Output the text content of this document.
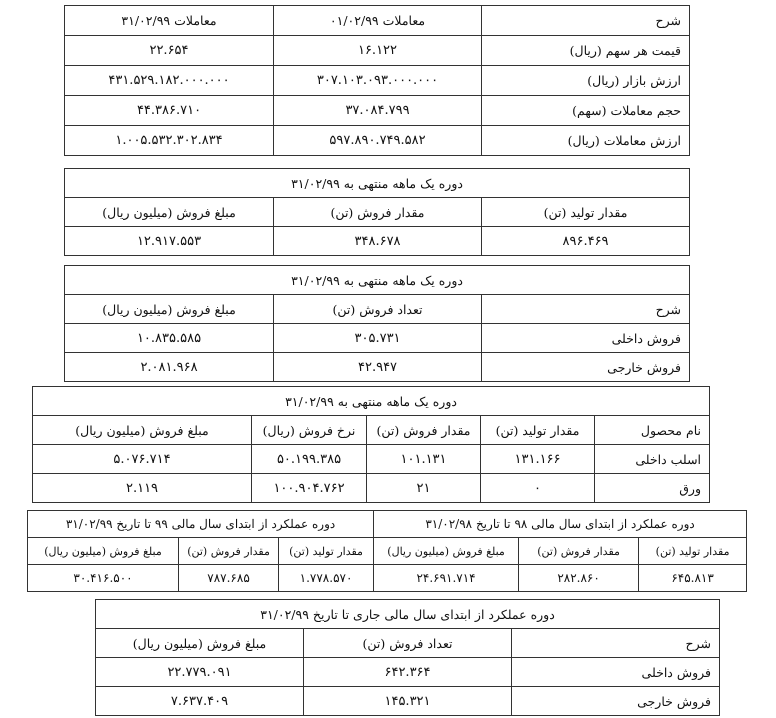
شرح	معاملات ۰۱/۰۲/۹۹	معاملات ۳۱/۰۲/۹۹
قیمت هر سهم (ریال)	۱۶.۱۲۲	۲۲.۶۵۴
ارزش بازار (ریال)	۳۰۷.۱۰۳.۰۹۳.۰۰۰.۰۰۰	۴۳۱.۵۲۹.۱۸۲.۰۰۰.۰۰۰
حجم معاملات (سهم)	۳۷.۰۸۴.۷۹۹	۴۴.۳۸۶.۷۱۰
ارزش معاملات (ریال)	۵۹۷.۸۹۰.۷۴۹.۵۸۲	۱.۰۰۵.۵۳۲.۳۰۲.۸۳۴
دوره یک ماهه منتهی به ۳۱/۰۲/۹۹		
مقدار تولید (تن)	مقدار فروش (تن)	مبلغ فروش (میلیون ریال)
۸۹۶.۴۶۹	۳۴۸.۶۷۸	۱۲.۹۱۷.۵۵۳
دوره یک ماهه منتهی به ۳۱/۰۲/۹۹		
شرح	تعداد فروش (تن)	مبلغ فروش (میلیون ریال)
فروش داخلی	۳۰۵.۷۳۱	۱۰.۸۳۵.۵۸۵
فروش خارجی	۴۲.۹۴۷	۲.۰۸۱.۹۶۸
دوره یک ماهه منتهی به ۳۱/۰۲/۹۹				
نام محصول	مقدار تولید (تن)	مقدار فروش (تن)	نرخ فروش (ریال)	مبلغ فروش (میلیون ریال)
اسلب داخلی	۱۳۱.۱۶۶	۱۰۱.۱۳۱	۵۰.۱۹۹.۳۸۵	۵.۰۷۶.۷۱۴
ورق	۰	۲۱	۱۰۰.۹۰۴.۷۶۲	۲.۱۱۹
دوره عملکرد از ابتدای سال مالی ۹۸ تا تاریخ ۳۱/۰۲/۹۸			دوره عملکرد از ابتدای سال مالی ۹۹ تا تاریخ ۳۱/۰۲/۹۹		
مقدار تولید (تن)	مقدار فروش (تن)	مبلغ فروش (میلیون ریال)	مقدار تولید (تن)	مقدار فروش (تن)	مبلغ فروش (میلیون ریال)
۶۴۵.۸۱۳	۲۸۲.۸۶۰	۲۴.۶۹۱.۷۱۴	۱.۷۷۸.۵۷۰	۷۸۷.۶۸۵	۳۰.۴۱۶.۵۰۰
دوره عملکرد از ابتدای سال مالی جاری تا تاریخ ۳۱/۰۲/۹۹		
شرح	تعداد فروش (تن)	مبلغ فروش (میلیون ریال)
فروش داخلی	۶۴۲.۳۶۴	۲۲.۷۷۹.۰۹۱
فروش خارجی	۱۴۵.۳۲۱	۷.۶۳۷.۴۰۹
